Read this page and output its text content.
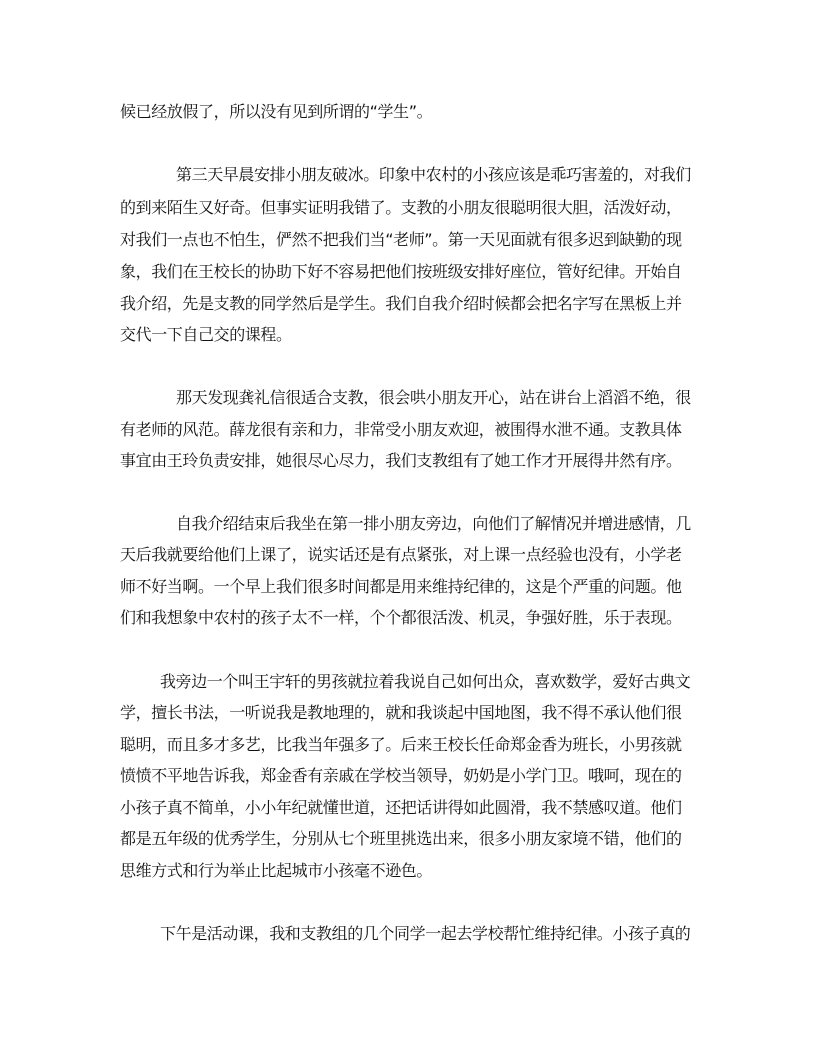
候已经放假了，所以没有见到所谓的“学生”。
第三天早晨安排小朋友破冰。印象中农村的小孩应该是乖巧害羞的，对我们
的到来陌生又好奇。但事实证明我错了。支教的小朋友很聪明很大胆，活泼好动，
对我们一点也不怕生，俨然不把我们当“老师”。第一天见面就有很多迟到缺勤的现
象，我们在王校长的协助下好不容易把他们按班级安排好座位，管好纪律。开始自
我介绍，先是支教的同学然后是学生。我们自我介绍时候都会把名字写在黑板上并
交代一下自己交的课程。
那天发现龚礼信很适合支教，很会哄小朋友开心，站在讲台上滔滔不绝，很
有老师的风范。薛龙很有亲和力，非常受小朋友欢迎，被围得水泄不通。支教具体
事宜由王玲负责安排，她很尽心尽力，我们支教组有了她工作才开展得井然有序。
自我介绍结束后我坐在第一排小朋友旁边，向他们了解情况并增进感情，几
天后我就要给他们上课了，说实话还是有点紧张，对上课一点经验也没有，小学老
师不好当啊。一个早上我们很多时间都是用来维持纪律的，这是个严重的问题。他
们和我想象中农村的孩子太不一样，个个都很活泼、机灵，争强好胜，乐于表现。
我旁边一个叫王宇轩的男孩就拉着我说自己如何出众，喜欢数学，爱好古典文
学，擅长书法，一听说我是教地理的，就和我谈起中国地图，我不得不承认他们很
聪明，而且多才多艺，比我当年强多了。后来王校长任命郑金香为班长，小男孩就
愤愤不平地告诉我，郑金香有亲戚在学校当领导，奶奶是小学门卫。哦呵，现在的
小孩子真不简单，小小年纪就懂世道，还把话讲得如此圆滑，我不禁感叹道。他们
都是五年级的优秀学生，分别从七个班里挑选出来，很多小朋友家境不错，他们的
思维方式和行为举止比起城市小孩毫不逊色。
下午是活动课，我和支教组的几个同学一起去学校帮忙维持纪律。小孩子真的
